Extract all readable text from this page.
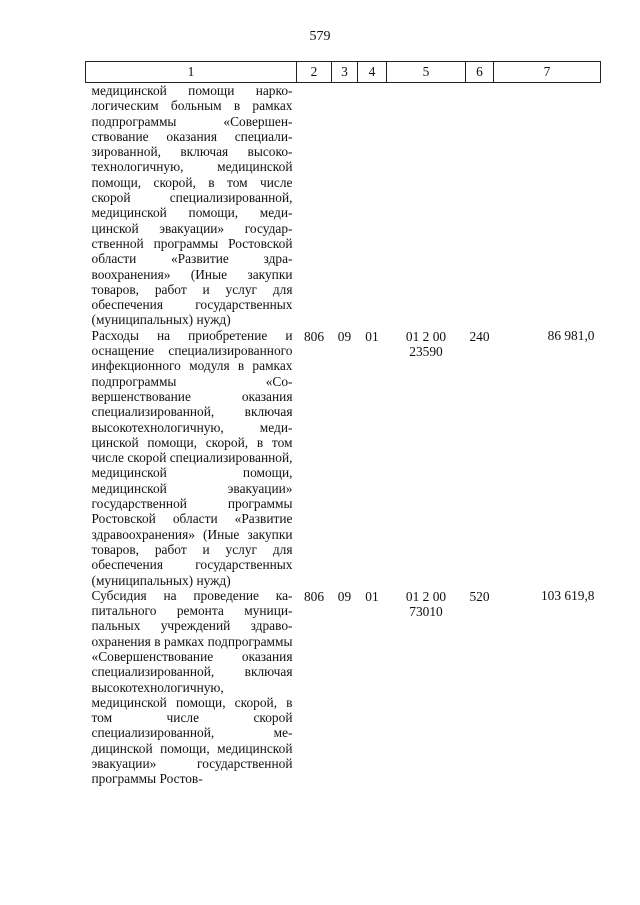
579
1	2	3	4	5	6	7
медицинской помощи наркологическим больным в рамках подпрограммы «Совершенствование оказания специализированной, включая высокотехнологичную, медицинской помощи, скорой, в том числе скорой специализированной, медицинской помощи, медицинской эвакуации» государственной программы Ростовской области «Развитие здравоохранения» (Иные закупки товаров, работ и услуг для обеспечения государственных (муниципальных) нужд)						
Расходы на приобретение и оснащение специализированного инфекционного модуля в рамках подпрограммы «Совершенствование оказания специализированной, включая высокотехнологичную, медицинской помощи, скорой, в том числе скорой специализированной, медицинской помощи, медицинской эвакуации» государственной программы Ростовской области «Развитие здравоохранения» (Иные закупки товаров, работ и услуг для обеспечения государственных (муниципальных) нужд)	806	09	01	01 2 00 23590	240	86 981,0
Субсидия на проведение капитального ремонта муниципальных учреждений здравоохранения в рамках подпрограммы «Совершенствование оказания специализированной, включая высокотехнологичную, медицинской помощи, скорой, в том числе скорой специализированной, медицинской помощи, медицинской эвакуации» государственной программы Ростов-	806	09	01	01 2 00 73010	520	103 619,8
